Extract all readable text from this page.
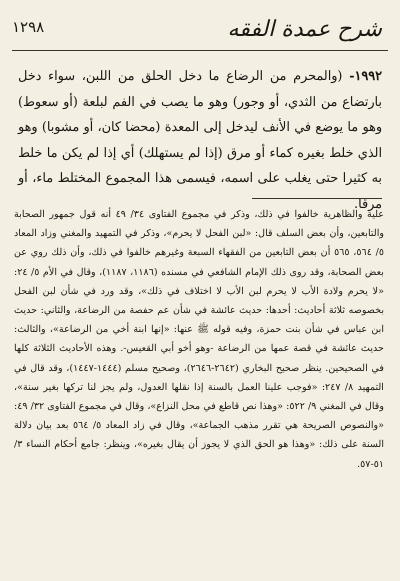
١٢٩٨	شرح عمدة الفقه

١٩٩٢- (والمحرم من الرضاع ما دخل الحلق من اللبن، سواء دخل بارتضاع من الثدي، أو وجور) وهو ما يصب في الفم لبلعة (أو سعوط) وهو ما يوضع في الأنف ليدخل إلى المعدة (محضا كان، أو مشوبا) وهو الذي خلط بغيره كماء أو مرق (إذا لم يستهلك) أي إذا لم يكن ما خلط به كثيرا حتى يغلب على اسمه، فيسمى هذا المجموع المختلط ماء، أو مرقا.

علية والظاهرية خالفوا في ذلك، وذكر في مجموع الفتاوى ٣٤/ ٤٩ أنه قول جمهور الصحابة والتابعين، وأن بعض السلف قال: «لبن الفحل لا يحرم»، وذكر في التمهيد والمغني وزاد المعاد ٥/ ٥٦٤، ٥٦٥ أن بعض التابعين من الفقهاء السبعة وغيرهم خالفوا في ذلك، وأن ذلك روي عن بعض الصحابة، وقد روى ذلك الإمام الشافعي في مسنده (١١٨٦، ١١٨٧)، وقال في الأم ٥/ ٢٤: «لا يحرم ولادة الأب لا يحرم لبن الأب لا اختلاف في ذلك»، وقد ورد في شأن لبن الفحل بخصوصه ثلاثة أحاديث: أحدها: حديث عائشة في شأن عم حفصة من الرضاعة، والثاني: حديث ابن عباس في شأن بنت حمزة، وفيه قوله ﷺ عنها: «إنها ابنة أخي من الرضاعة»، والثالث: حديث عائشة في قصة عمها من الرضاعة -وهو أخو أبي القعيس-. وهذه الأحاديث الثلاثة كلها في الصحيحين. ينظر صحيح البخاري (٢٦٤٢-٢٦٤٦)، وصحيح مسلم (١٤٤٤-١٤٤٧)، وقد قال في التمهيد ٨/ ٢٤٧: «فوجب علينا العمل بالسنة إذا نقلها العدول، ولم يجز لنا تركها بغير سنة»، وقال في المغني ٩/ ٥٢٢: «وهذا نص قاطع في محل النزاع»، وقال في مجموع الفتاوى ٣٢/ ٤٩: «والنصوص الصريحة هي تقرر مذهب الجماعة»، وقال في زاد المعاد ٥/ ٥٦٤ بعد بيان دلالة السنة على ذلك: «وهذا هو الحق الذي لا يجوز أن يقال بغيره»، وينظر: جامع أحكام النساء ٣/ ٥١-٥٧.
